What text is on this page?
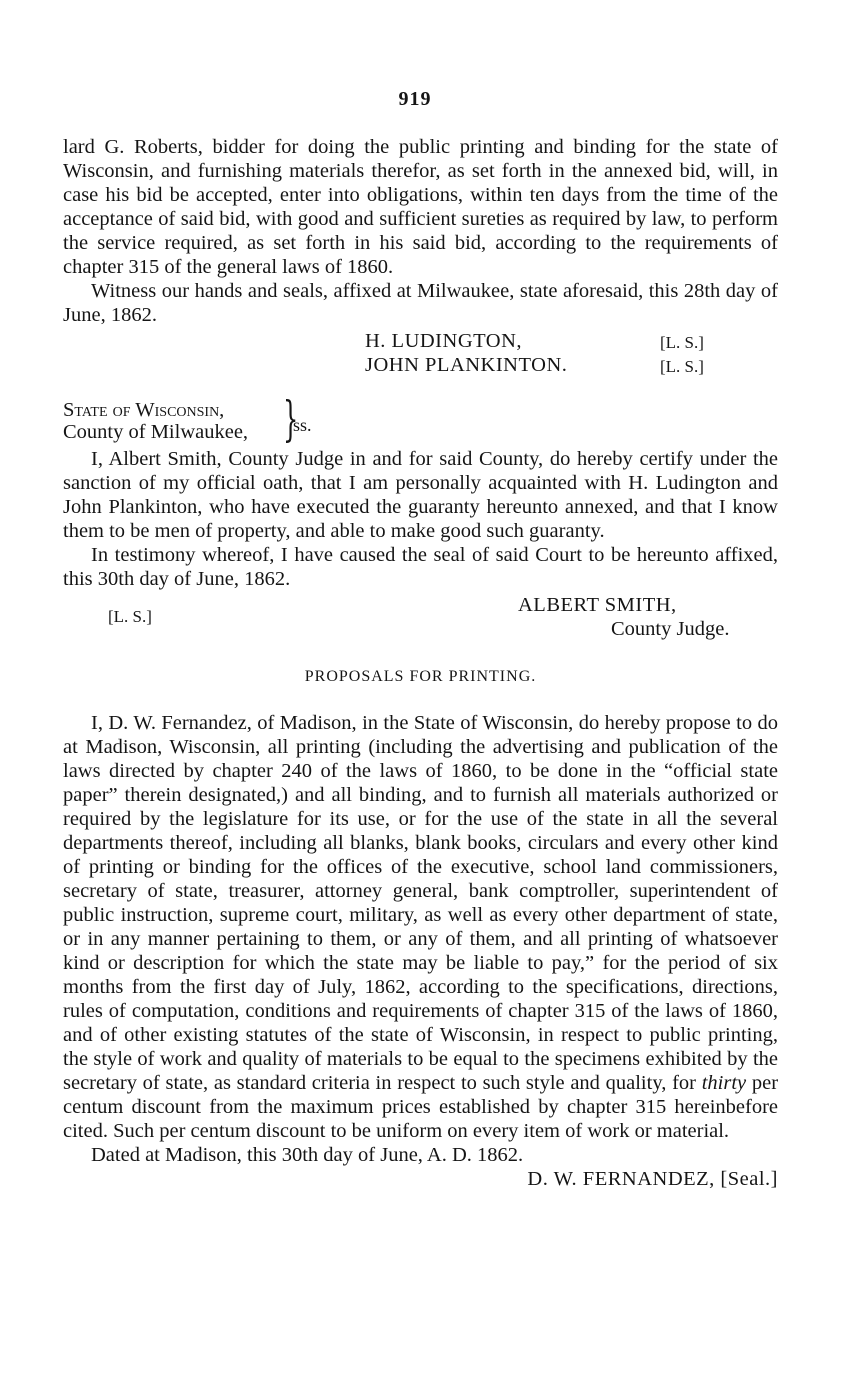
919

lard G. Roberts, bidder for doing the public printing and binding for the state of Wisconsin, and furnishing materials therefor, as set forth in the annexed bid, will, in case his bid be accepted, enter into obligations, within ten days from the time of the acceptance of said bid, with good and sufficient sureties as required by law, to perform the service required, as set forth in his said bid, according to the requirements of chapter 315 of the general laws of 1860.

Witness our hands and seals, affixed at Milwaukee, state aforesaid, this 28th day of June, 1862.

H. LUDINGTON,	[L. S.]
JOHN PLANKINTON.	[L. S.]
State of Wisconsin,
County of Milwaukee, }
ss.

I, Albert Smith, County Judge in and for said County, do hereby certify under the sanction of my official oath, that I am personally acquainted with H. Ludington and John Plankinton, who have executed the guaranty hereunto annexed, and that I know them to be men of property, and able to make good such guaranty.

In testimony whereof, I have caused the seal of said Court to be hereunto affixed, this 30th day of June, 1862.

ALBERT SMITH,
County Judge.
[L. S.]
PROPOSALS FOR PRINTING.

I, D. W. Fernandez, of Madison, in the State of Wisconsin, do hereby propose to do at Madison, Wisconsin, all printing (including the advertising and publication of the laws directed by chapter 240 of the laws of 1860, to be done in the “official state paper” therein designated,) and all binding, and to furnish all materials authorized or required by the legislature for its use, or for the use of the state in all the several departments thereof, including all blanks, blank books, circulars and every other kind of printing or binding for the offices of the executive, school land commissioners, secretary of state, treasurer, attorney general, bank comptroller, superintendent of public instruction, supreme court, military, as well as every other department of state, or in any manner pertaining to them, or any of them, and all printing of whatsoever kind or description for which the state may be liable to pay,” for the period of six months from the first day of July, 1862, according to the specifications, directions, rules of computation, conditions and requirements of chapter 315 of the laws of 1860, and of other existing statutes of the state of Wisconsin, in respect to public printing, the style of work and quality of materials to be equal to the specimens exhibited by the secretary of state, as standard criteria in respect to such style and quality, for thirty per centum discount from the maximum prices established by chapter 315 hereinbefore cited. Such per centum discount to be uniform on every item of work or material.

Dated at Madison, this 30th day of June, A. D. 1862.

D. W. FERNANDEZ, [Seal.]
